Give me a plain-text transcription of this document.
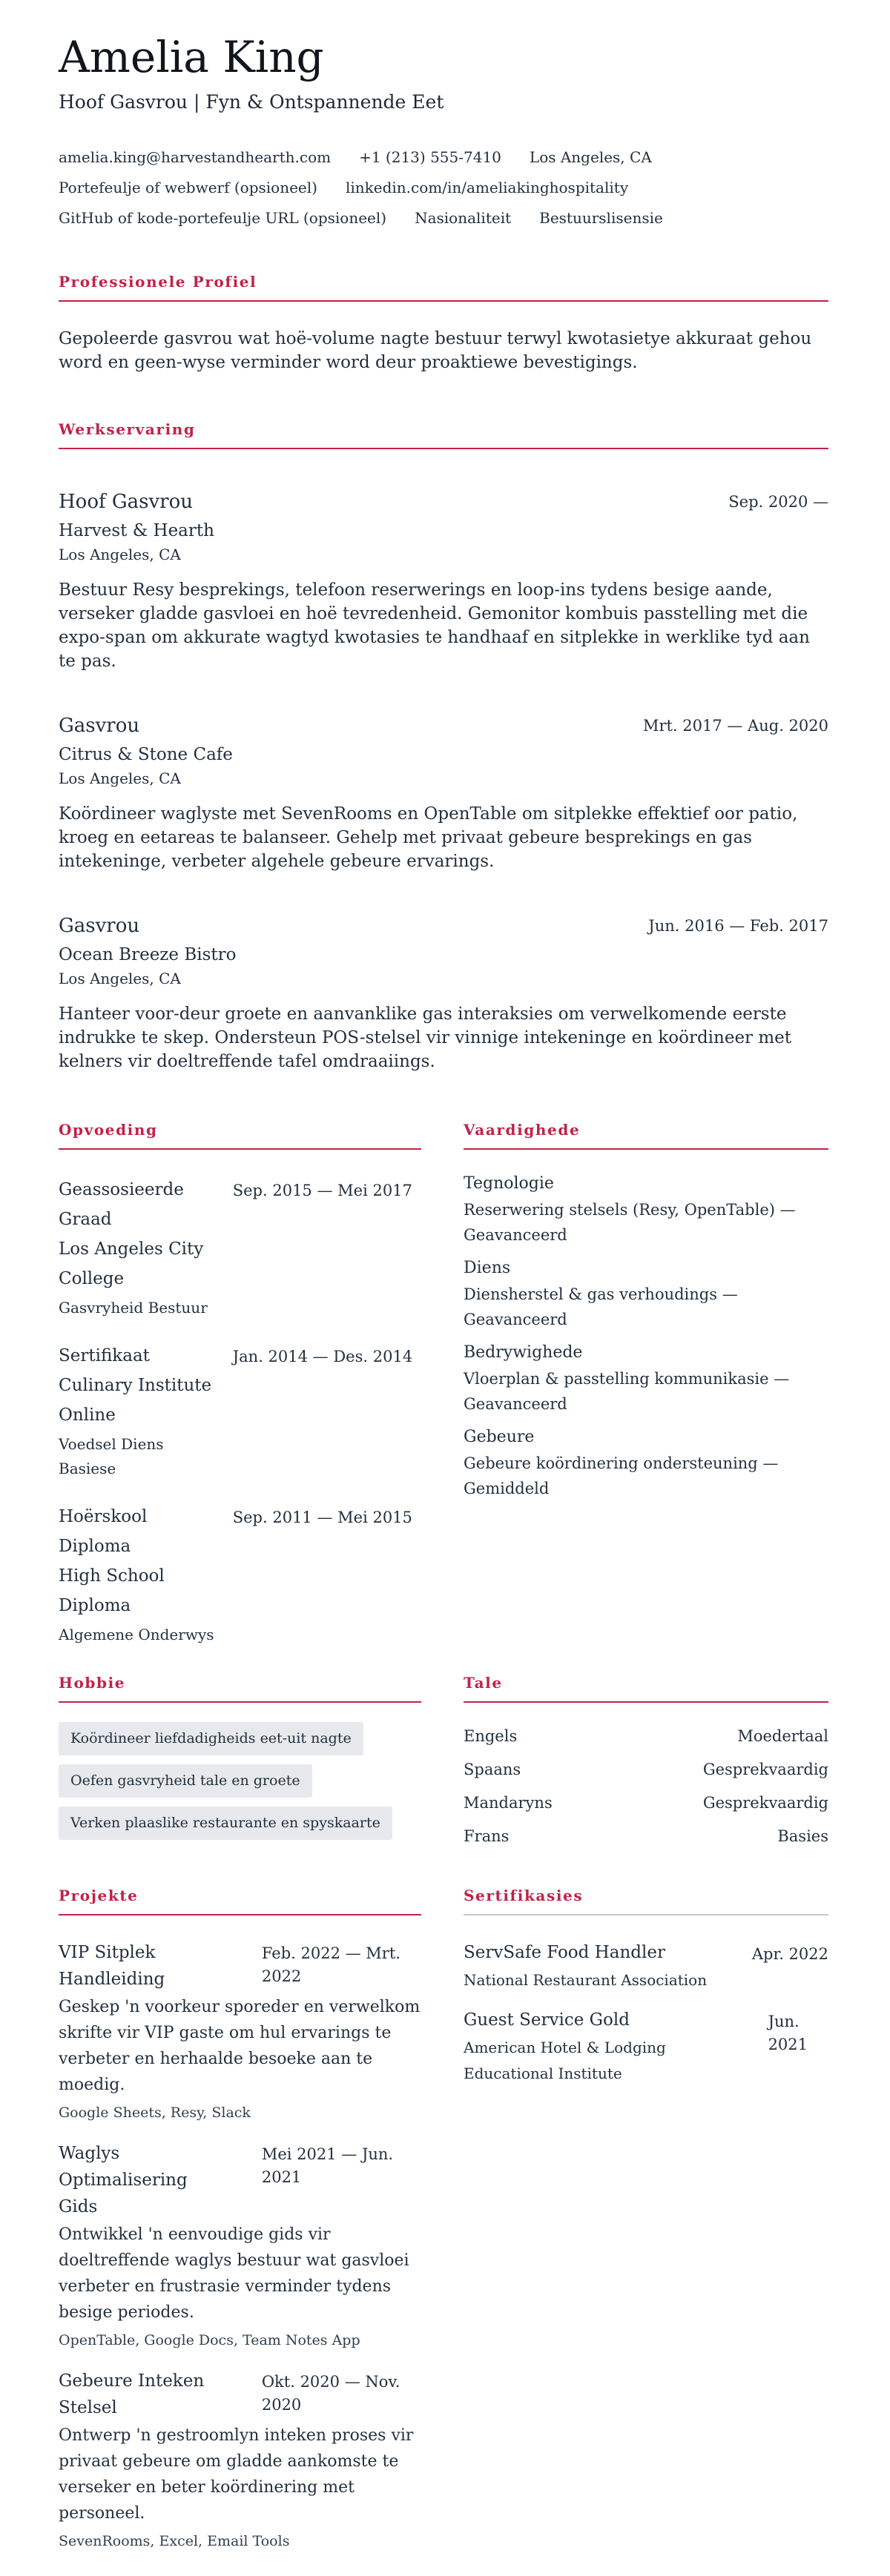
Amelia King

Hoof Gasvrou | Fyn & Ontspannende Eet

amelia.king@harvestandhearth.com +1 (213) 555-7410 Los Angeles, CA
Portefeulje of webwerf (opsioneel) linkedin.com/in/ameliakinghospitality
GitHub of kode-portefeulje URL (opsioneel) Nasionaliteit Bestuurslisensie
Professionele Profiel

Gepoleerde gasvrou wat hoë-volume nagte bestuur terwyl kwotasietye akkuraat gehou word en geen-wyse verminder word deur proaktiewe bevestigings.

Werkservaring
Hoof Gasvrou	Sep. 2020 —
Harvest & Hearth
Los Angeles, CA
Bestuur Resy besprekings, telefoon reserwerings en loop-ins tydens besige aande, verseker gladde gasvloei en hoë tevredenheid. Gemonitor kombuis passtelling met die expo-span om akkurate wagtyd kwotasies te handhaaf en sitplekke in werklike tyd aan te pas.
Gasvrou	Mrt. 2017 — Aug. 2020
Citrus & Stone Cafe
Los Angeles, CA
Koördineer waglyste met SevenRooms en OpenTable om sitplekke effektief oor patio, kroeg en eetareas te balanseer. Gehelp met privaat gebeure besprekings en gas intekeninge, verbeter algehele gebeure ervarings.
Gasvrou	Jun. 2016 — Feb. 2017
Ocean Breeze Bistro
Los Angeles, CA
Hanteer voor-deur groete en aanvanklike gas interaksies om verwelkomende eerste indrukke te skep. Ondersteun POS-stelsel vir vinnige intekeninge en koördineer met kelners vir doeltreffende tafel omdraaiings.
Opvoeding
Geassosieerde Graad
Los Angeles City College
Gasvryheid Bestuur
Sep. 2015 — Mei 2017
Sertifikaat
Culinary Institute Online
Voedsel Diens Basiese
Jan. 2014 — Des. 2014
Hoërskool Diploma
High School Diploma
Algemene Onderwys
Sep. 2011 — Mei 2015
Vaardighede
Tegnologie
Reserwering stelsels (Resy, OpenTable) — Geavanceerd
Diens
Diensherstel & gas verhoudings — Geavanceerd
Bedrywighede
Vloerplan & passtelling kommunikasie — Geavanceerd
Gebeure
Gebeure koördinering ondersteuning — Gemiddeld
Hobbie
Koördineer liefdadigheids eet-uit nagte
Oefen gasvryheid tale en groete
Verken plaaslike restaurante en spyskaarte
Tale
Engels	Moedertaal
Spaans	Gesprekvaardig
Mandaryns	Gesprekvaardig
Frans	Basies
Projekte
VIP Sitplek Handleiding
Feb. 2022 — Mrt. 2022
Geskep 'n voorkeur sporeder en verwelkom skrifte vir VIP gaste om hul ervarings te verbeter en herhaalde besoeke aan te moedig.
Google Sheets, Resy, Slack
Waglys Optimalisering Gids
Mei 2021 — Jun. 2021
Ontwikkel 'n eenvoudige gids vir doeltreffende waglys bestuur wat gasvloei verbeter en frustrasie verminder tydens besige periodes.
OpenTable, Google Docs, Team Notes App
Gebeure Inteken Stelsel
Okt. 2020 — Nov. 2020
Ontwerp 'n gestroomlyn inteken proses vir privaat gebeure om gladde aankomste te verseker en beter koördinering met personeel.
SevenRooms, Excel, Email Tools
Sertifikasies
ServSafe Food Handler
National Restaurant Association
Apr. 2022
Guest Service Gold
American Hotel & Lodging Educational Institute
Jun. 2021
